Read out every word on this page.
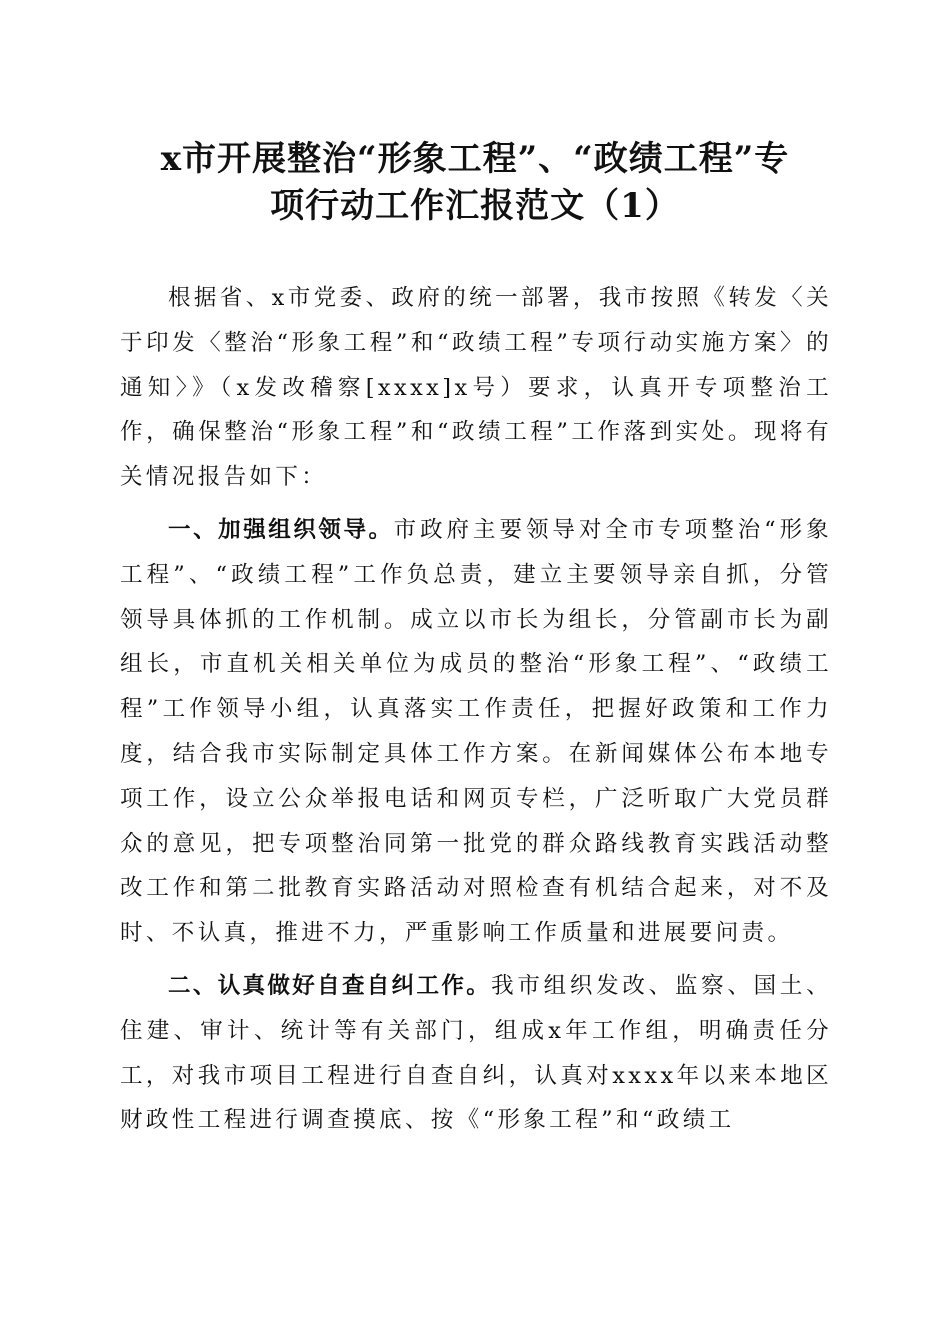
x市开展整治“形象工程”、“政绩工程”专
项行动工作汇报范文（1）

根据省、x市党委、政府的统一部署，我市按照《转发〈关于印发〈整治“形象工程”和“政绩工程”专项行动实施方案〉的通知〉》（x发改稽察[xxxx]x号）要求，认真开专项整治工作，确保整治“形象工程”和“政绩工程”工作落到实处。现将有关情况报告如下：

一、加强组织领导。市政府主要领导对全市专项整治“形象工程”、“政绩工程”工作负总责，建立主要领导亲自抓，分管领导具体抓的工作机制。成立以市长为组长，分管副市长为副组长，市直机关相关单位为成员的整治“形象工程”、“政绩工程”工作领导小组，认真落实工作责任，把握好政策和工作力度，结合我市实际制定具体工作方案。在新闻媒体公布本地专项工作，设立公众举报电话和网页专栏，广泛听取广大党员群众的意见，把专项整治同第一批党的群众路线教育实践活动整改工作和第二批教育实路活动对照检查有机结合起来，对不及时、不认真，推进不力，严重影响工作质量和进展要问责。

二、认真做好自查自纠工作。我市组织发改、监察、国土、住建、审计、统计等有关部门，组成x年工作组，明确责任分工，对我市项目工程进行自查自纠，认真对xxxx年以来本地区财政性工程进行调查摸底、按《“形象工程”和“政绩工
